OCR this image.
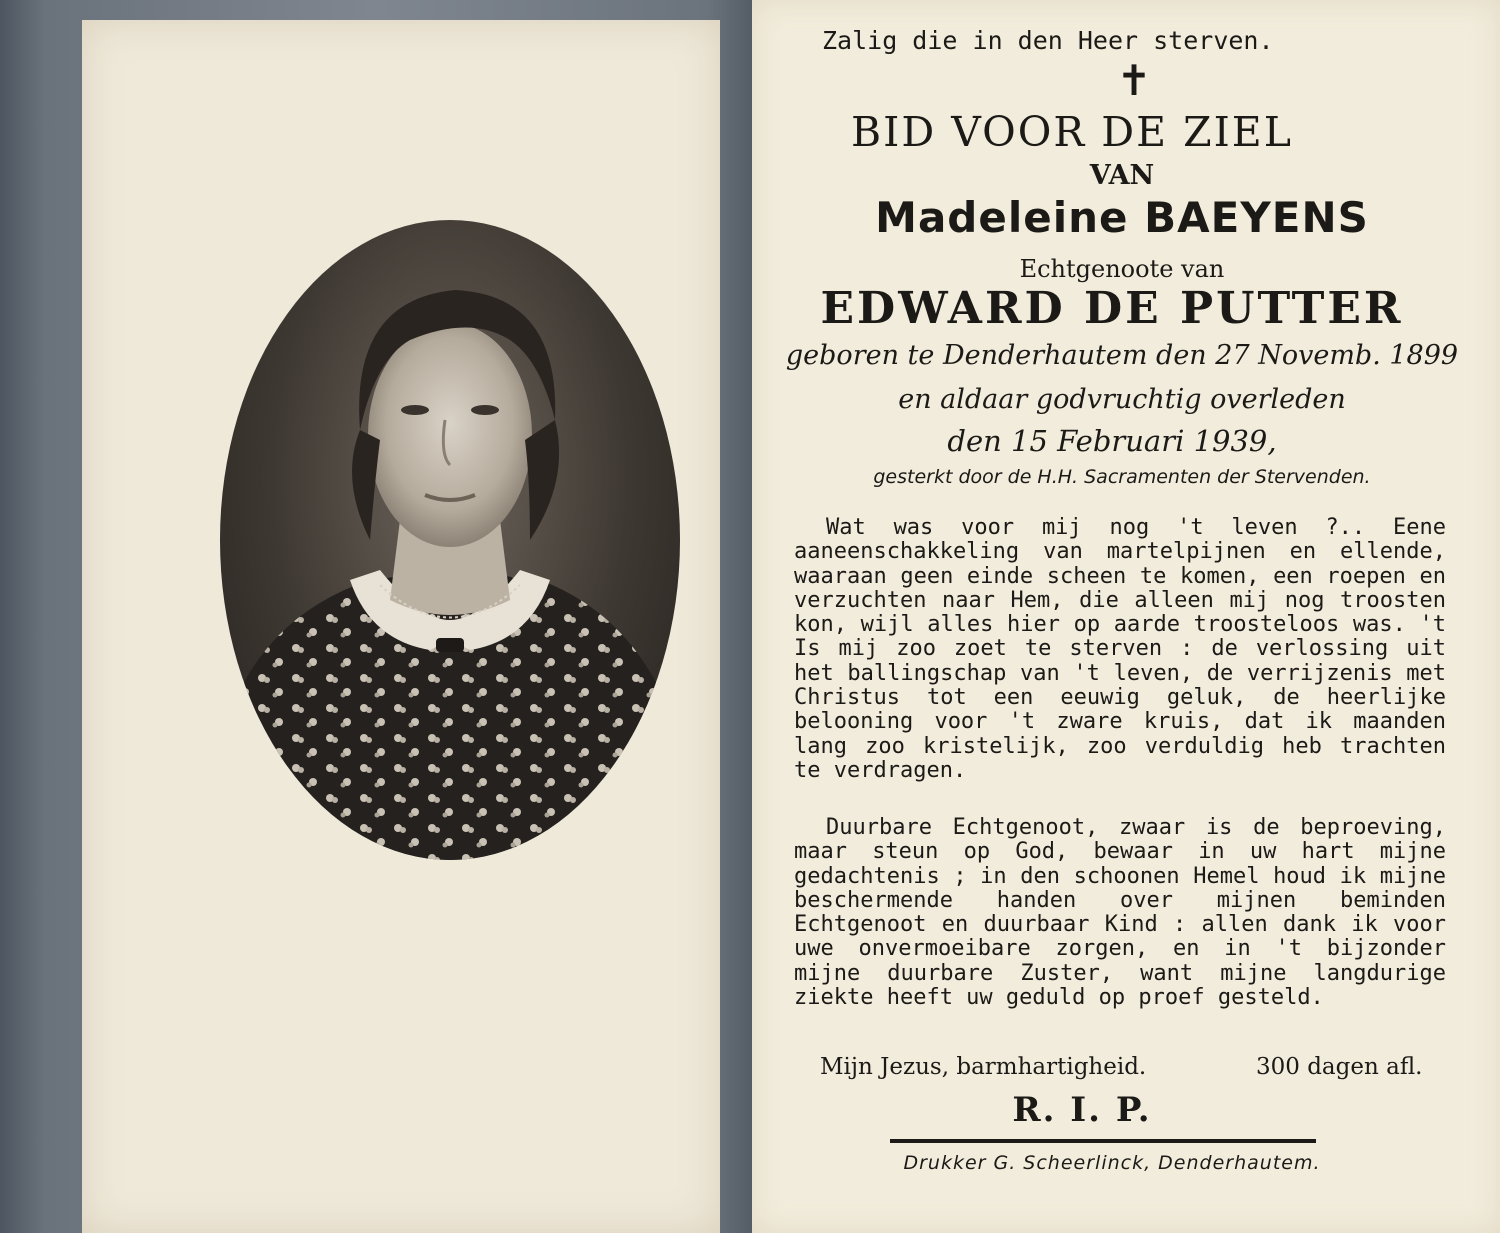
Zalig die in den Heer sterven.
✝
BID VOOR DE ZIEL
VAN
Madeleine BAEYENS
Echtgenoote van
EDWARD DE PUTTER
geboren te Denderhautem den 27 Novemb. 1899
en aldaar godvruchtig overleden
den 15 Februari 1939,
gesterkt door de H.H. Sacramenten der Stervenden.
Wat was voor mij nog 't leven ?.. Eene aaneenschakkeling van martelpijnen en ellende, waaraan geen einde scheen te komen, een roepen en verzuchten naar Hem, die alleen mij nog troosten kon, wijl alles hier op aarde troosteloos was. 't Is mij zoo zoet te sterven : de verlossing uit het ballingschap van 't leven, de verrijzenis met Christus tot een eeuwig geluk, de heerlijke belooning voor 't zware kruis, dat ik maanden lang zoo kristelijk, zoo verduldig heb trachten te verdragen.
Duurbare Echtgenoot, zwaar is de beproeving, maar steun op God, bewaar in uw hart mijne gedachtenis ; in den schoonen Hemel houd ik mijne beschermende handen over mijnen beminden Echtgenoot en duurbaar Kind : allen dank ik voor uwe onvermoeibare zorgen, en in 't bijzonder mijne duurbare Zuster, want mijne langdurige ziekte heeft uw geduld op proef gesteld.
Mijn Jezus, barmhartigheid.	300 dagen afl.
R. I. P.
Drukker G. Scheerlinck, Denderhautem.
